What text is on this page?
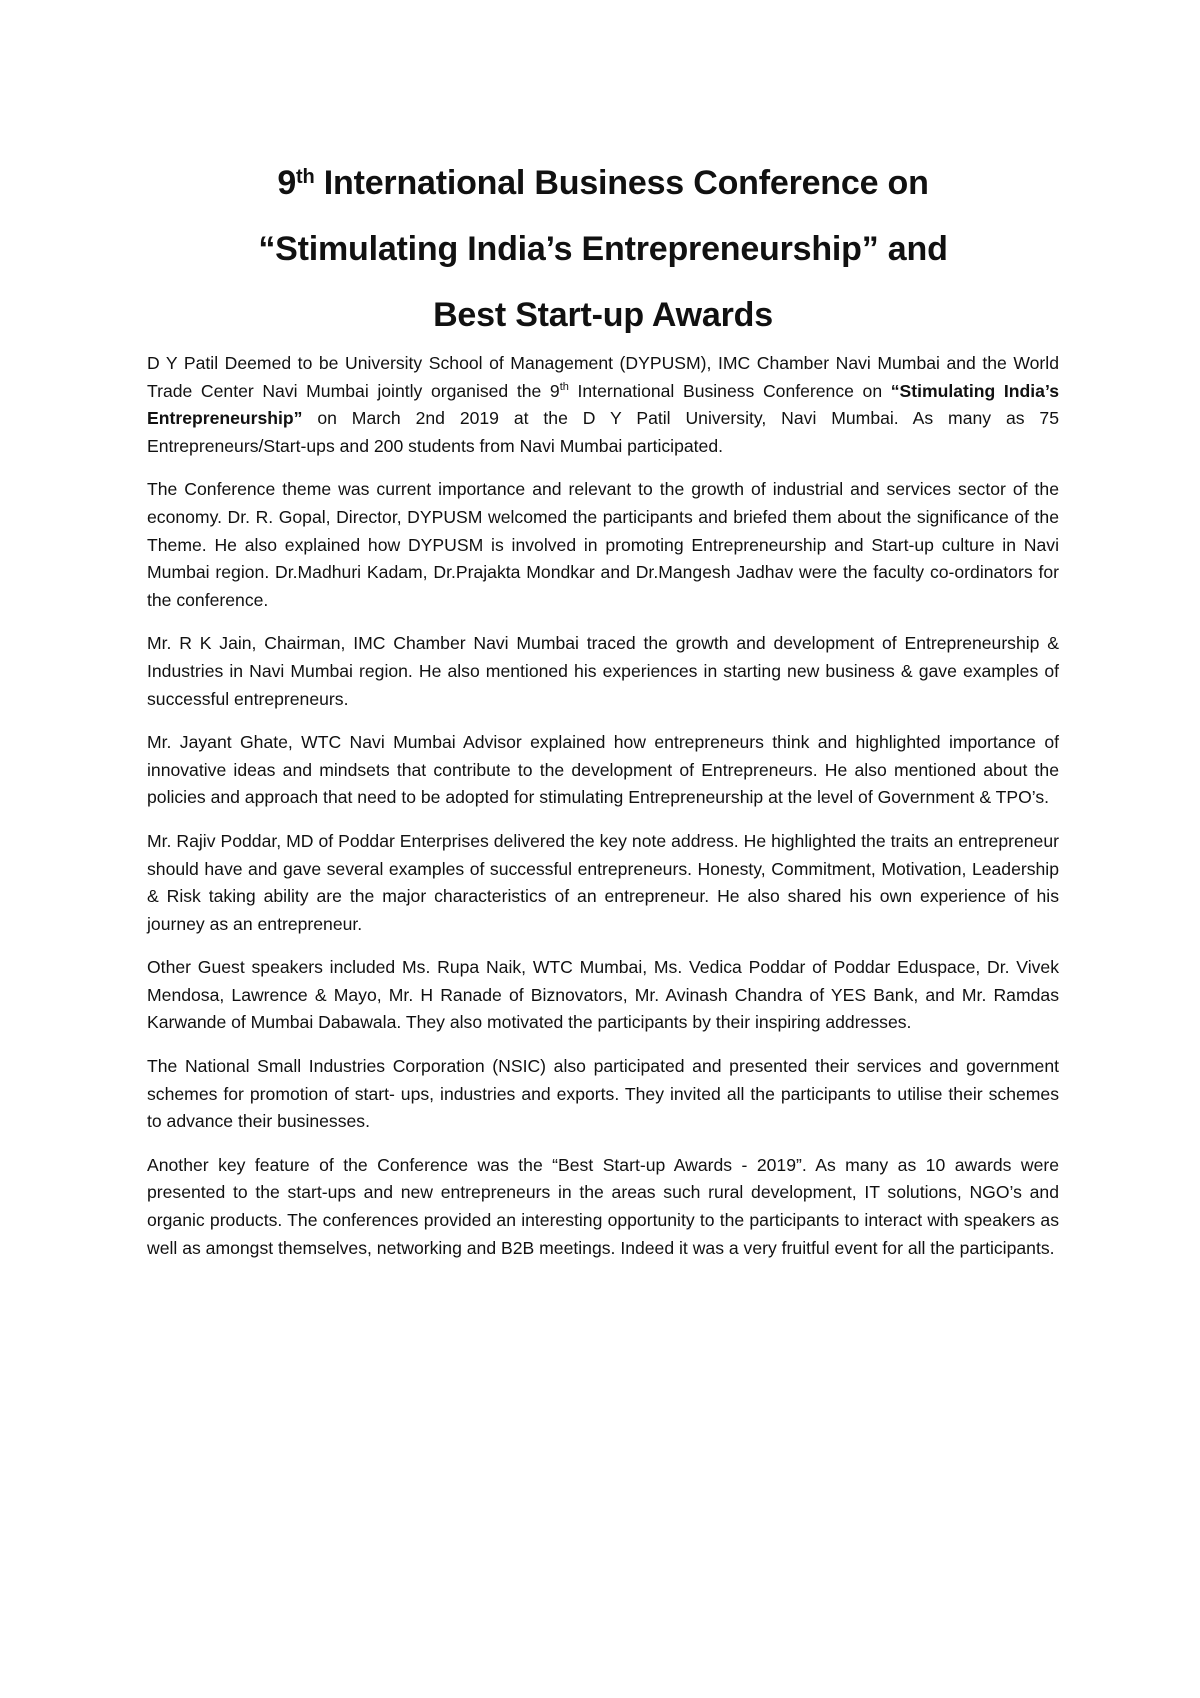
9th International Business Conference on
“Stimulating India’s Entrepreneurship” and
Best Start-up Awards

D Y Patil Deemed to be University School of Management (DYPUSM), IMC Chamber Navi Mumbai and the World Trade Center Navi Mumbai jointly organised the 9th International Business Conference on “Stimulating India’s Entrepreneurship” on March 2nd 2019 at the D Y Patil University, Navi Mumbai. As many as 75 Entrepreneurs/Start-ups and 200 students from Navi Mumbai participated.

The Conference theme was current importance and relevant to the growth of industrial and services sector of the economy. Dr. R. Gopal, Director, DYPUSM welcomed the participants and briefed them about the significance of the Theme. He also explained how DYPUSM is involved in promoting Entrepreneurship and Start-up culture in Navi Mumbai region. Dr.Madhuri Kadam, Dr.Prajakta Mondkar and Dr.Mangesh Jadhav were the faculty co-ordinators for the conference.

Mr. R K Jain, Chairman, IMC Chamber Navi Mumbai traced the growth and development of Entrepreneurship & Industries in Navi Mumbai region. He also mentioned his experiences in starting new business & gave examples of successful entrepreneurs.

Mr. Jayant Ghate, WTC Navi Mumbai Advisor explained how entrepreneurs think and highlighted importance of innovative ideas and mindsets that contribute to the development of Entrepreneurs. He also mentioned about the policies and approach that need to be adopted for stimulating Entrepreneurship at the level of Government & TPO’s.

Mr. Rajiv Poddar, MD of Poddar Enterprises delivered the key note address. He highlighted the traits an entrepreneur should have and gave several examples of successful entrepreneurs. Honesty, Commitment, Motivation, Leadership & Risk taking ability are the major characteristics of an entrepreneur. He also shared his own experience of his journey as an entrepreneur.

Other Guest speakers included Ms. Rupa Naik, WTC Mumbai, Ms. Vedica Poddar of Poddar Eduspace, Dr. Vivek Mendosa, Lawrence & Mayo, Mr. H Ranade of Biznovators, Mr. Avinash Chandra of YES Bank, and Mr. Ramdas Karwande of Mumbai Dabawala. They also motivated the participants by their inspiring addresses.

The National Small Industries Corporation (NSIC) also participated and presented their services and government schemes for promotion of start- ups, industries and exports. They invited all the participants to utilise their schemes to advance their businesses.

Another key feature of the Conference was the “Best Start-up Awards - 2019”. As many as 10 awards were presented to the start-ups and new entrepreneurs in the areas such rural development, IT solutions, NGO’s and organic products. The conferences provided an interesting opportunity to the participants to interact with speakers as well as amongst themselves, networking and B2B meetings. Indeed it was a very fruitful event for all the participants.
